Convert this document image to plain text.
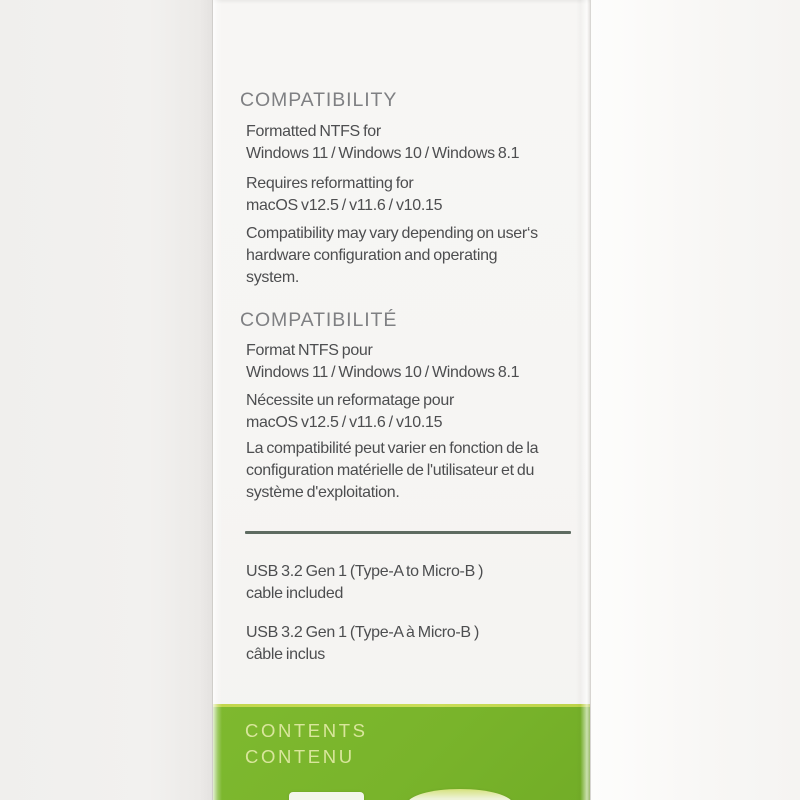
COMPATIBILITY
Formatted NTFS for
Windows 11 / Windows 10 / Windows 8.1
Requires reformatting for
macOS v12.5 / v11.6 / v10.15
Compatibility may vary depending on user‘s
hardware configuration and operating
system.
COMPATIBILITÉ
Format NTFS pour
Windows 11 / Windows 10 / Windows 8.1
Nécessite un reformatage pour
macOS v12.5 / v11.6 / v10.15
La compatibilité peut varier en fonction de la
configuration matérielle de l'utilisateur et du
système d'exploitation.
USB 3.2 Gen 1 (Type-A to Micro-B )
cable included
USB 3.2 Gen 1 (Type-A à Micro-B )
câble inclus
CONTENTS
CONTENU
